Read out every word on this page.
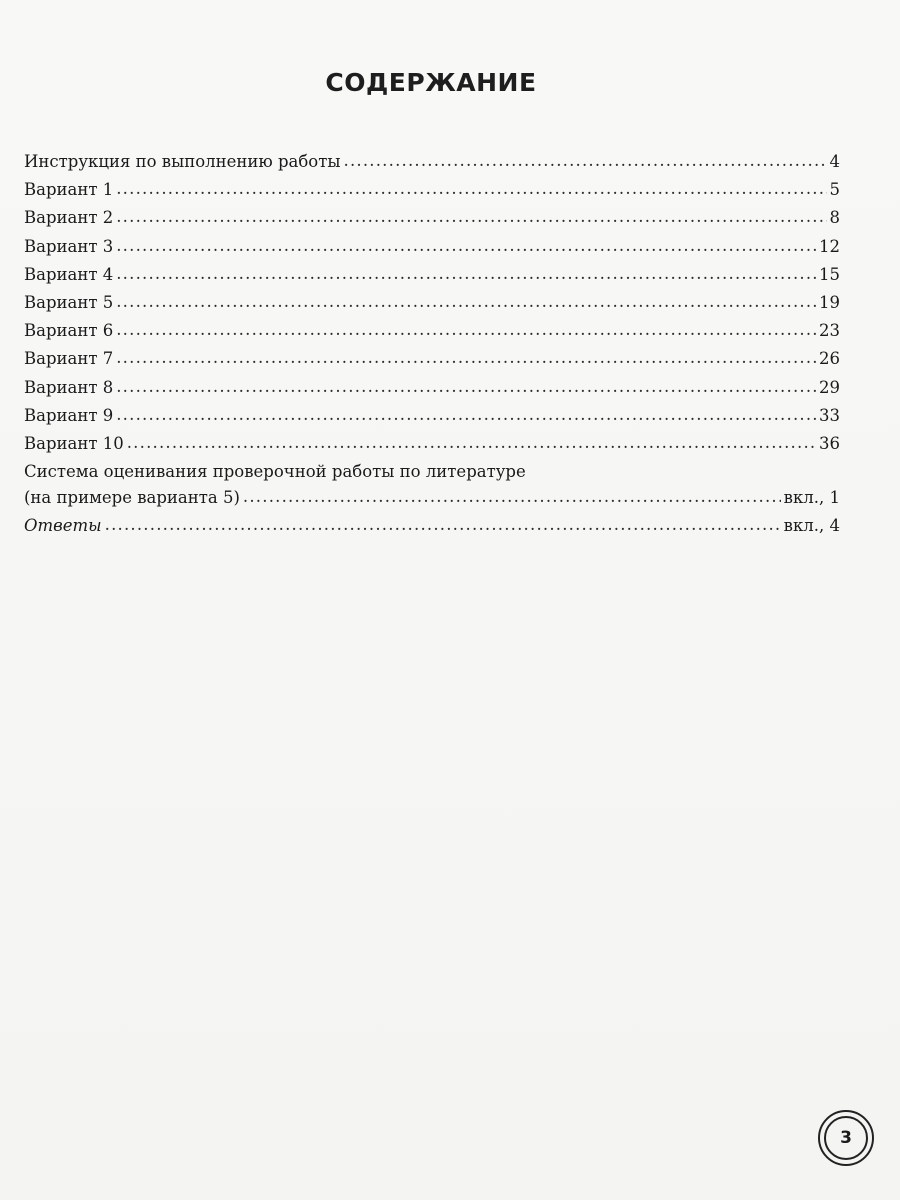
СОДЕРЖАНИЕ
Инструкция по выполнению работы .....	4
Вариант 1 .....	5
Вариант 2 .....	8
Вариант 3 .....	12
Вариант 4 .....	15
Вариант 5 .....	19
Вариант 6 .....	23
Вариант 7 .....	26
Вариант 8 .....	29
Вариант 9 .....	33
Вариант 10 .....	36
Система оценивания проверочной работы по литературе
(на примере варианта 5) .....	вкл., 1
Ответы .....	вкл., 4
3
